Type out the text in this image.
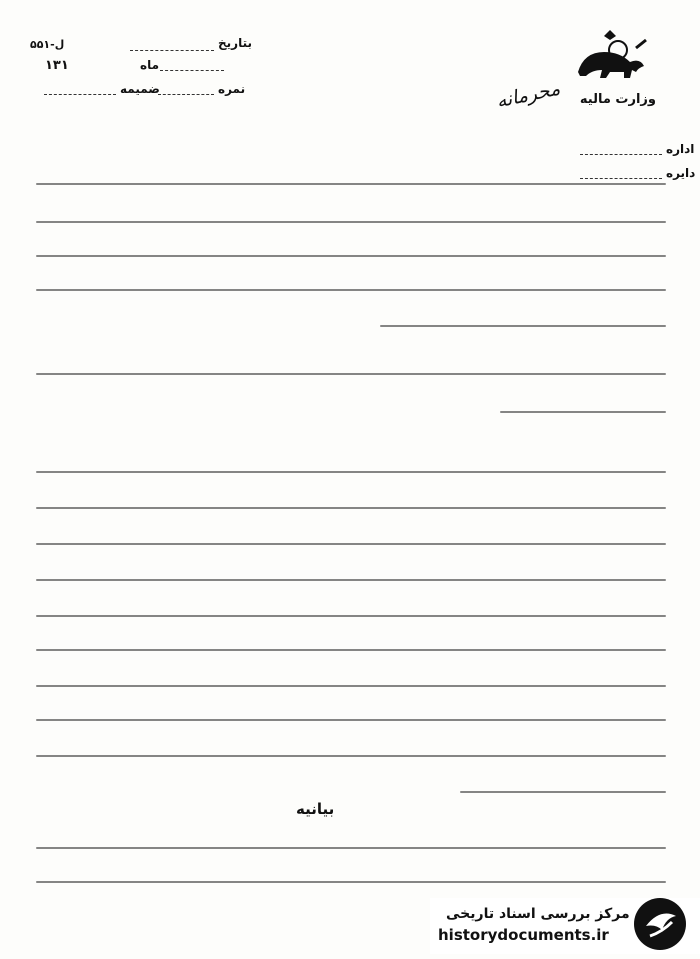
وزارت ماليه
اداره
دايره
ل-۵۵۱	بتاريخ
۱۳۱	ماه
نمره
ضميمه	محرمانه
بيانيه
مرکز بررسی اسناد تاریخی
historydocuments.ir
